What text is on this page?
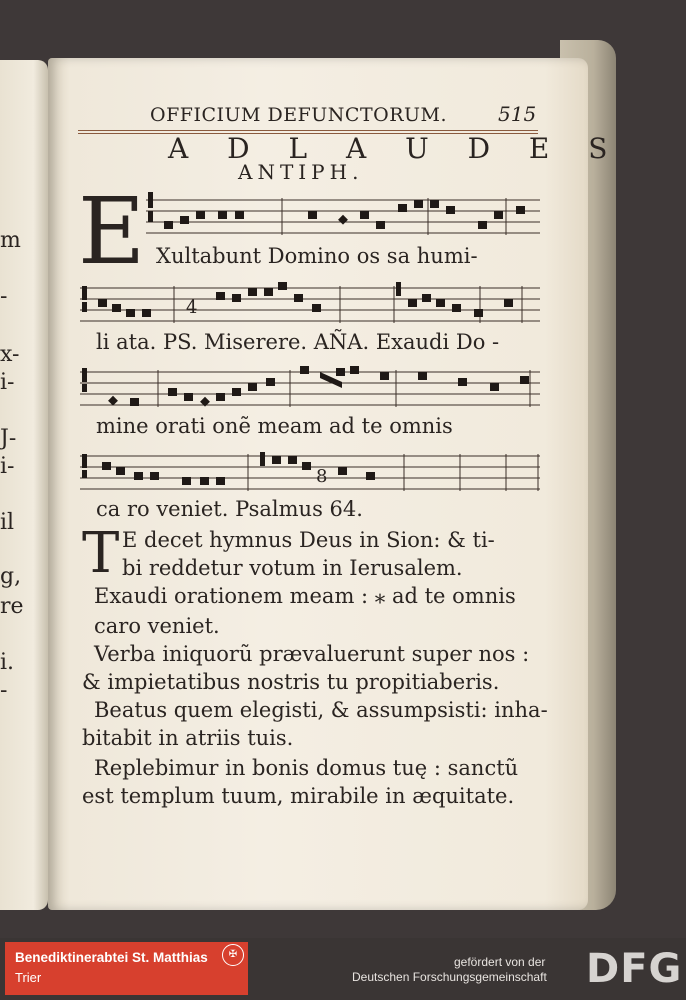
m
-
x-
i-
J-
i-
il
g,
re
i.
-
OFFICIUM DEFUNCTORUM.	515
A D L A U D E S
ANTIPH.
E Xultabunt Domino os sa humi-
4
li ata. PS. Miserere. AÑA. Exaudi Do -
mine orati onẽ meam ad te omnis
8
ca ro veniet. Psalmus 64.
T E decet hymnus Deus in Sion: & ti-
bi reddetur votum in Ierusalem.
Exaudi orationem meam : ⁎ ad te omnis
caro veniet.
Verba iniquorũ prævaluerunt super nos :
& impietatibus nostris tu propitiaberis.
Beatus quem elegisti, & assumpsisti: inha-
bitabit in atriis tuis.
Replebimur in bonis domus tuę : sanctũ
est templum tuum, mirabile in æquitate.
Benediktinerabtei St. Matthias
Trier
✠
gefördert von der
Deutschen Forschungsgemeinschaft DFG
